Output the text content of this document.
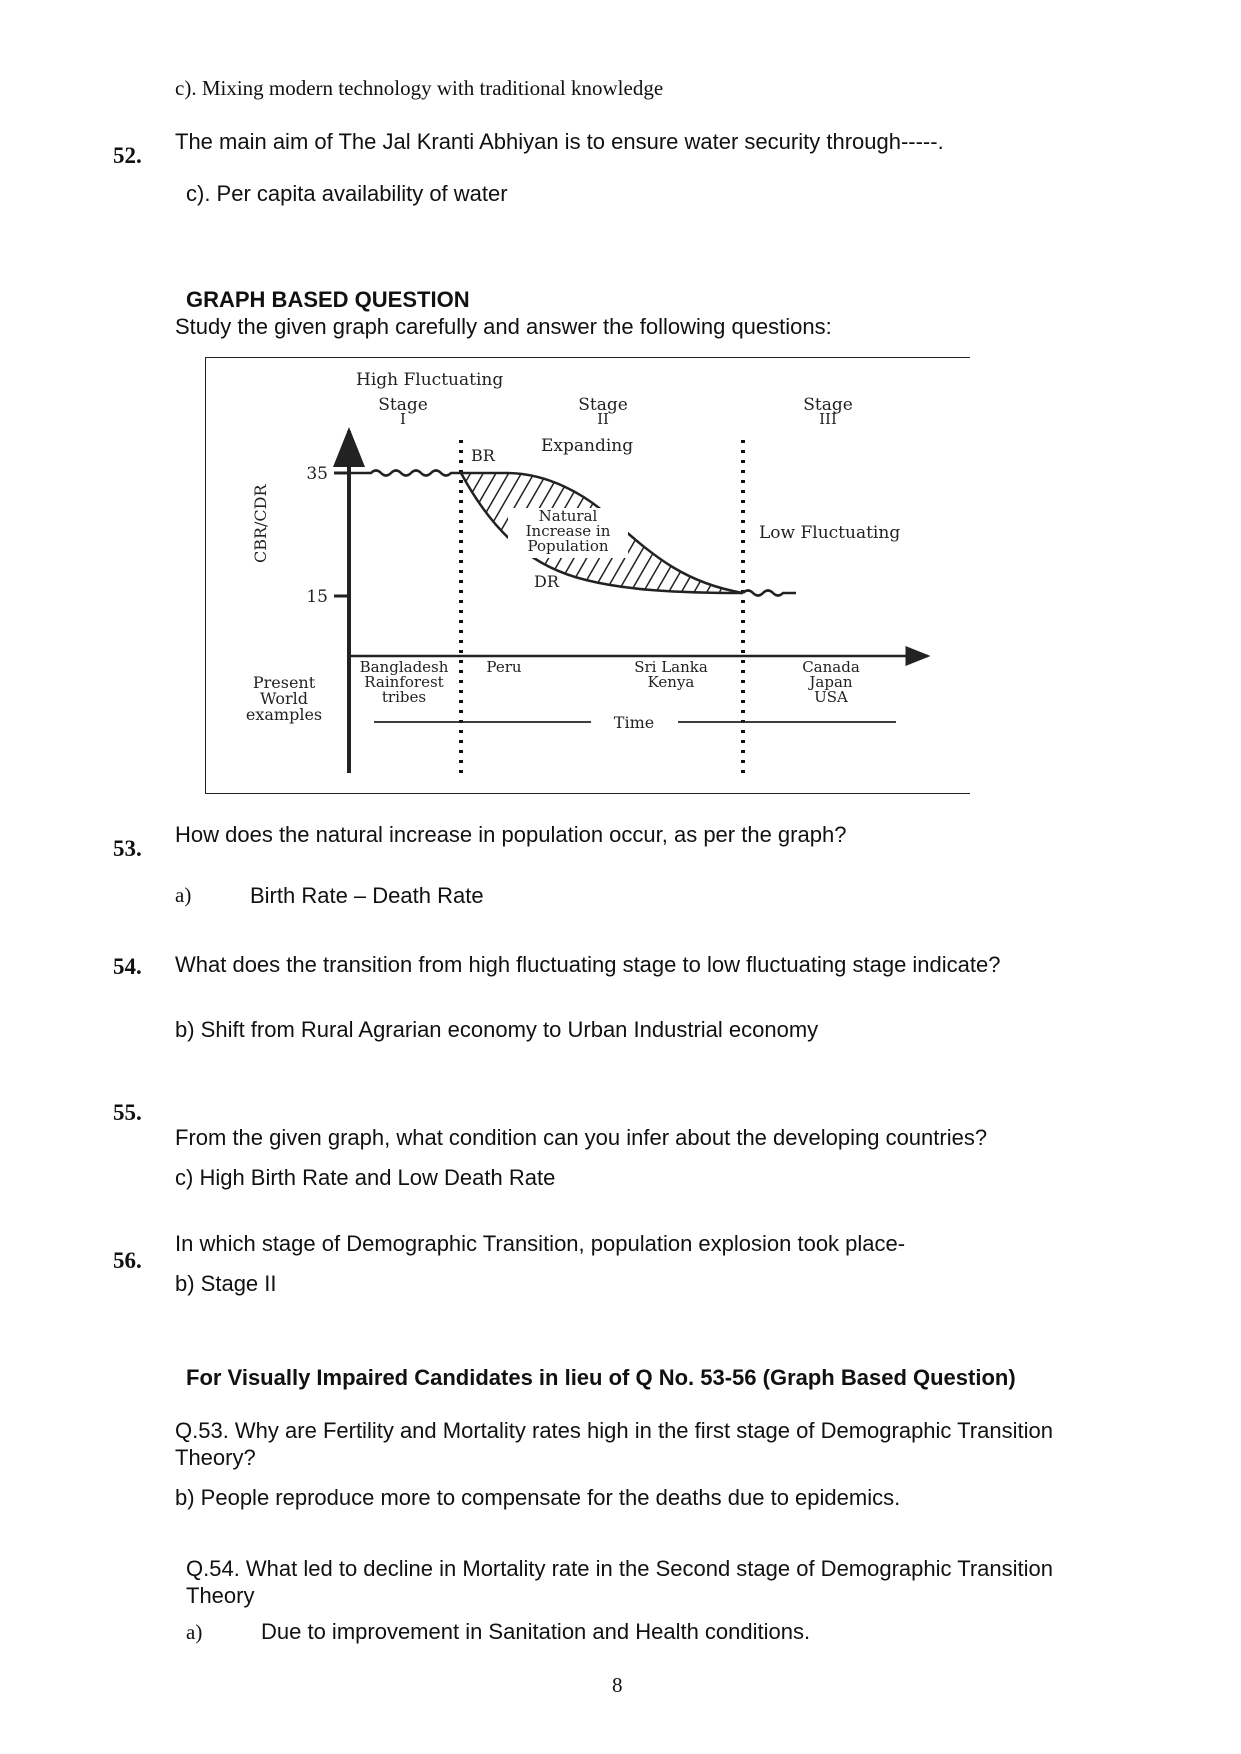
c). Mixing modern technology with traditional knowledge
52.
The main aim of The Jal Kranti Abhiyan is to ensure water security through-----.
c). Per capita availability of water
GRAPH BASED QUESTION
Study the given graph carefully and answer the following questions:
High Fluctuating
Stage
I
Stage
II
Stage
III
Expanding
Low Fluctuating
CBR/CDR
35
15
BR
DR
Natural
Increase in
Population
Present
World
examples
Bangladesh
Rainforest
tribes
Peru	Sri Lanka
Kenya
Canada
Japan
USA
Time
53.
How does the natural increase in population occur, as per the graph?
a)	Birth Rate – Death Rate
54. What does the transition from high fluctuating stage to low fluctuating stage indicate?
b) Shift from Rural Agrarian economy to Urban Industrial economy
55.
From the given graph, what condition can you infer about the developing countries?
c) High Birth Rate and Low Death Rate
56.
In which stage of Demographic Transition, population explosion took place-
b) Stage II
For Visually Impaired Candidates in lieu of Q No. 53-56 (Graph Based Question)
Q.53. Why are Fertility and Mortality rates high in the first stage of Demographic Transition
Theory?
b) People reproduce more to compensate for the deaths due to epidemics.
Q.54. What led to decline in Mortality rate in the Second stage of Demographic Transition
Theory
a)	Due to improvement in Sanitation and Health conditions.
8
